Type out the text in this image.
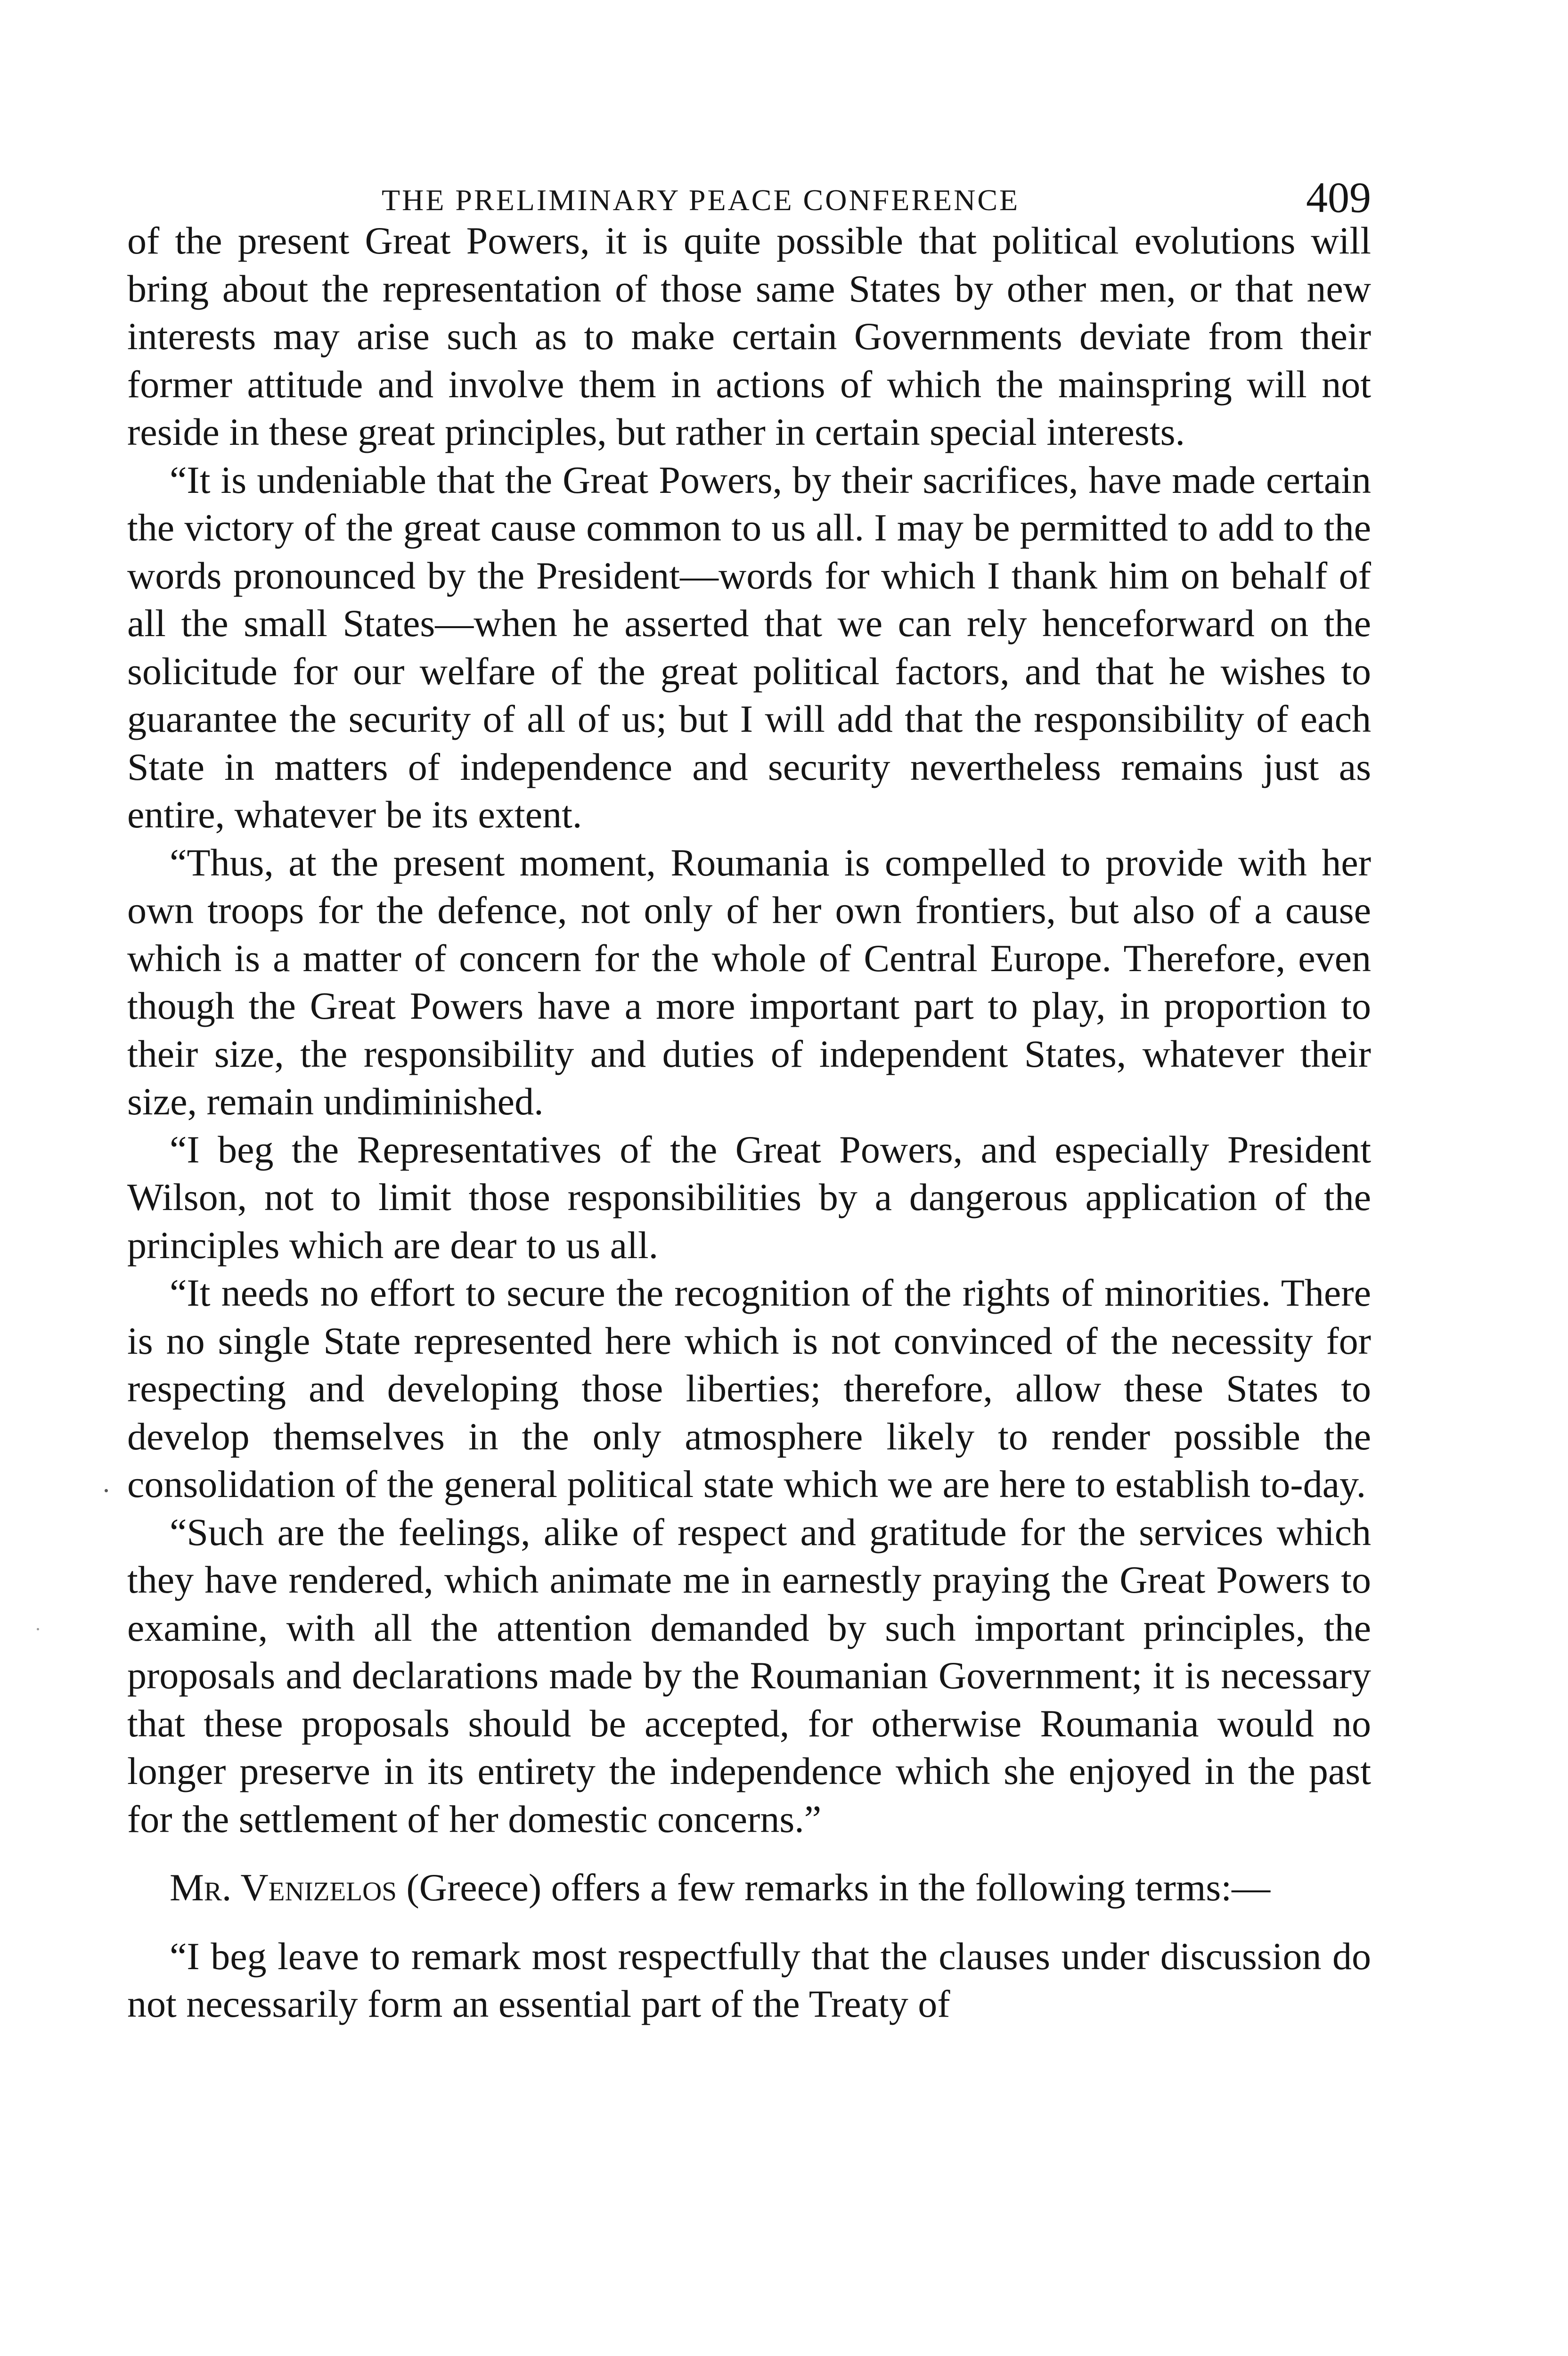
THE PRELIMINARY PEACE CONFERENCE	409

of the present Great Powers, it is quite possible that political evolutions will bring about the representation of those same States by other men, or that new interests may arise such as to make certain Governments deviate from their former attitude and involve them in actions of which the mainspring will not reside in these great principles, but rather in certain special interests.

“It is undeniable that the Great Powers, by their sacrifices, have made certain the victory of the great cause common to us all. I may be permitted to add to the words pronounced by the President—words for which I thank him on behalf of all the small States—when he asserted that we can rely henceforward on the solicitude for our welfare of the great political factors, and that he wishes to guarantee the security of all of us; but I will add that the responsibility of each State in matters of independence and security nevertheless remains just as entire, whatever be its extent.

“Thus, at the present moment, Roumania is compelled to provide with her own troops for the defence, not only of her own frontiers, but also of a cause which is a matter of concern for the whole of Central Europe. Therefore, even though the Great Powers have a more important part to play, in proportion to their size, the responsibility and duties of independent States, whatever their size, remain undiminished.

“I beg the Representatives of the Great Powers, and especially President Wilson, not to limit those responsibilities by a dangerous application of the principles which are dear to us all.

“It needs no effort to secure the recognition of the rights of minorities. There is no single State represented here which is not convinced of the necessity for respecting and developing those liberties; therefore, allow these States to develop themselves in the only atmosphere likely to render possible the consolidation of the general political state which we are here to establish to-day.

“Such are the feelings, alike of respect and gratitude for the services which they have rendered, which animate me in earnestly praying the Great Powers to examine, with all the attention demanded by such important principles, the proposals and declarations made by the Roumanian Government; it is necessary that these proposals should be accepted, for otherwise Roumania would no longer preserve in its entirety the independence which she enjoyed in the past for the settlement of her domestic concerns.”

Mr. Venizelos (Greece) offers a few remarks in the following terms:—

“I beg leave to remark most respectfully that the clauses under discussion do not necessarily form an essential part of the Treaty of
